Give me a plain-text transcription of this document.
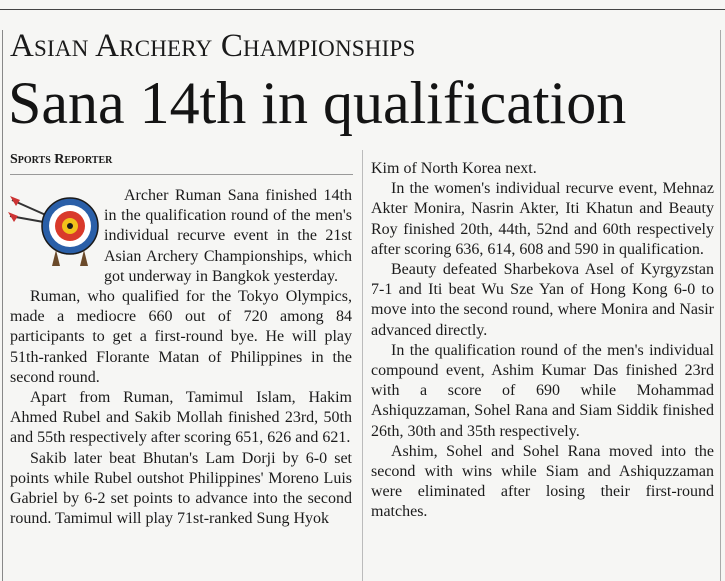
Asian Archery Championships
Sana 14th in qualification
Sports Reporter

Archer Ruman Sana finished 14th in the qualification round of the men's individual recurve event in the 21st Asian Archery Championships, which got underway in Bangkok yesterday.

Ruman, who qualified for the Tokyo Olympics, made a mediocre 660 out of 720 among 84 participants to get a first-round bye. He will play 51th-ranked Florante Matan of Philippines in the second round.

Apart from Ruman, Tamimul Islam, Hakim Ahmed Rubel and Sakib Mollah finished 23rd, 50th and 55th respectively after scoring 651, 626 and 621.

Sakib later beat Bhutan's Lam Dorji by 6-0 set points while Rubel outshot Philippines' Moreno Luis Gabriel by 6-2 set points to advance into the second round. Tamimul will play 71st-ranked Sung Hyok

Kim of North Korea next.

In the women's individual recurve event, Mehnaz Akter Monira, Nasrin Akter, Iti Khatun and Beauty Roy finished 20th, 44th, 52nd and 60th respectively after scoring 636, 614, 608 and 590 in qualification.

Beauty defeated Sharbekova Asel of Kyrgyzstan 7-1 and Iti beat Wu Sze Yan of Hong Kong 6-0 to move into the second round, where Monira and Nasir advanced directly.

In the qualification round of the men's individual compound event, Ashim Kumar Das finished 23rd with a score of 690 while Mohammad Ashiquzzaman, Sohel Rana and Siam Siddik finished 26th, 30th and 35th respectively.

Ashim, Sohel and Sohel Rana moved into the second with wins while Siam and Ashiquzzaman were eliminated after losing their first-round matches.
